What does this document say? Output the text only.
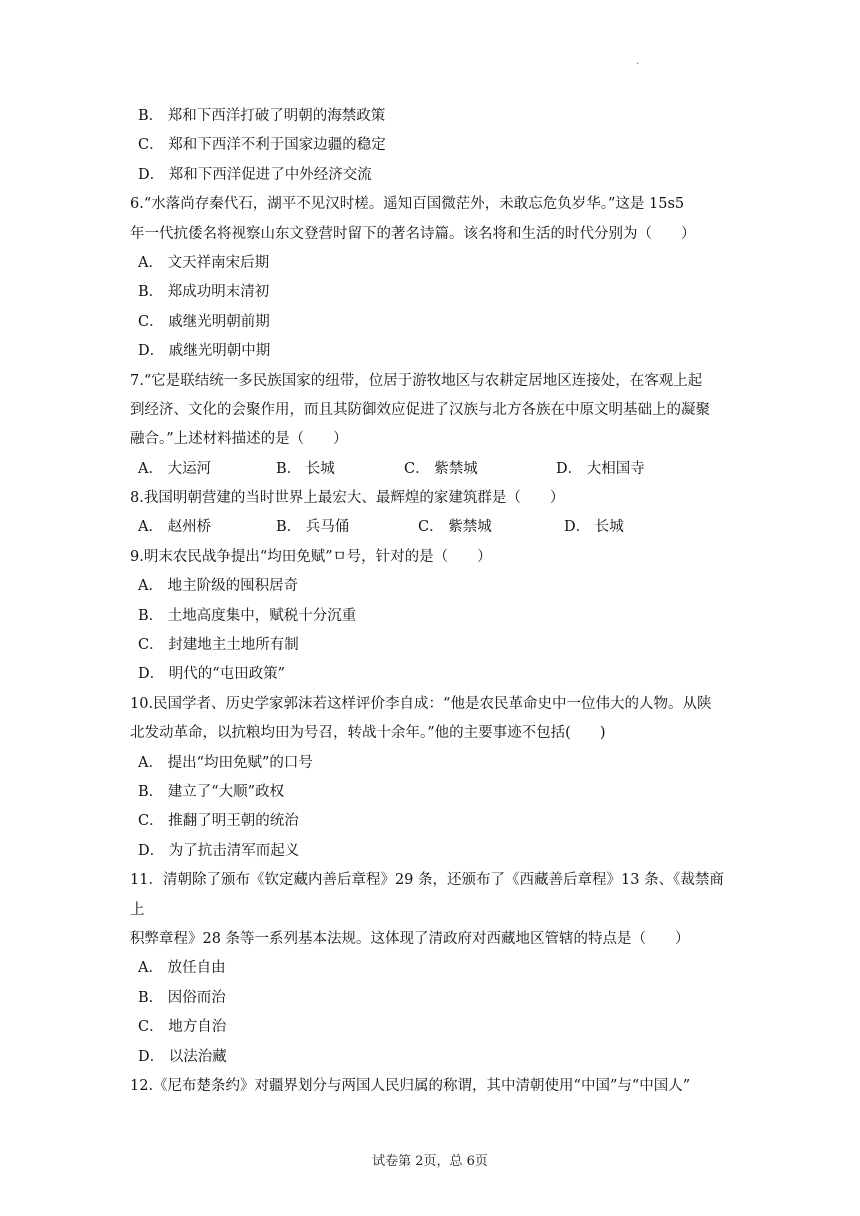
.
B． 郑和下西洋打破了明朝的海禁政策
C． 郑和下西洋不利于国家边疆的稳定
D． 郑和下西洋促进了中外经济交流
6.“水落尚存秦代石，湖平不见汉时槎。遥知百国微茫外，未敢忘危负岁华。”这是 15s5
年一代抗倭名将视察山东文登营时留下的著名诗篇。该名将和生活的时代分别为（　　）
A． 文天祥南宋后期
B． 郑成功明末清初
C． 戚继光明朝前期
D． 戚继光明朝中期
7.“它是联结统一多民族国家的纽带，位居于游牧地区与农耕定居地区连接处，在客观上起
到经济、文化的会聚作用，而且其防御效应促进了汉族与北方各族在中原文明基础上的凝聚
融合。”上述材料描述的是（　　）
A． 大运河	B． 长城	C． 紫禁城	D． 大相国寺
8.我国明朝营建的当时世界上最宏大、最辉煌的家建筑群是（　　）
A． 赵州桥	B． 兵马俑	C． 紫禁城	D． 长城
9.明末农民战争提出“均田免赋”ㅁ号，针对的是（　　）
A． 地主阶级的囤积居奇
B． 土地高度集中，赋税十分沉重
C． 封建地主土地所有制
D． 明代的“屯田政策”
10.民国学者、历史学家郭沫若这样评价李自成：“他是农民革命史中一位伟大的人物。从陕
北发动革命，以抗粮均田为号召，转战十余年。”他的主要事迹不包括(　　)
A． 提出“均田免赋”的口号
B． 建立了“大顺”政权
C． 推翻了明王朝的统治
D． 为了抗击清军而起义
11．清朝除了颁布《钦定藏内善后章程》29 条，还颁布了《西藏善后章程》13 条、《裁禁商
上
积弊章程》28 条等一系列基本法规。这体现了清政府对西藏地区管辖的特点是（　　）
A． 放任自由
B． 因俗而治
C． 地方自治
D． 以法治藏
12.《尼布楚条约》对疆界划分与两国人民归属的称谓，其中清朝使用“中国”与“中国人”
试卷第 2页，总 6页
